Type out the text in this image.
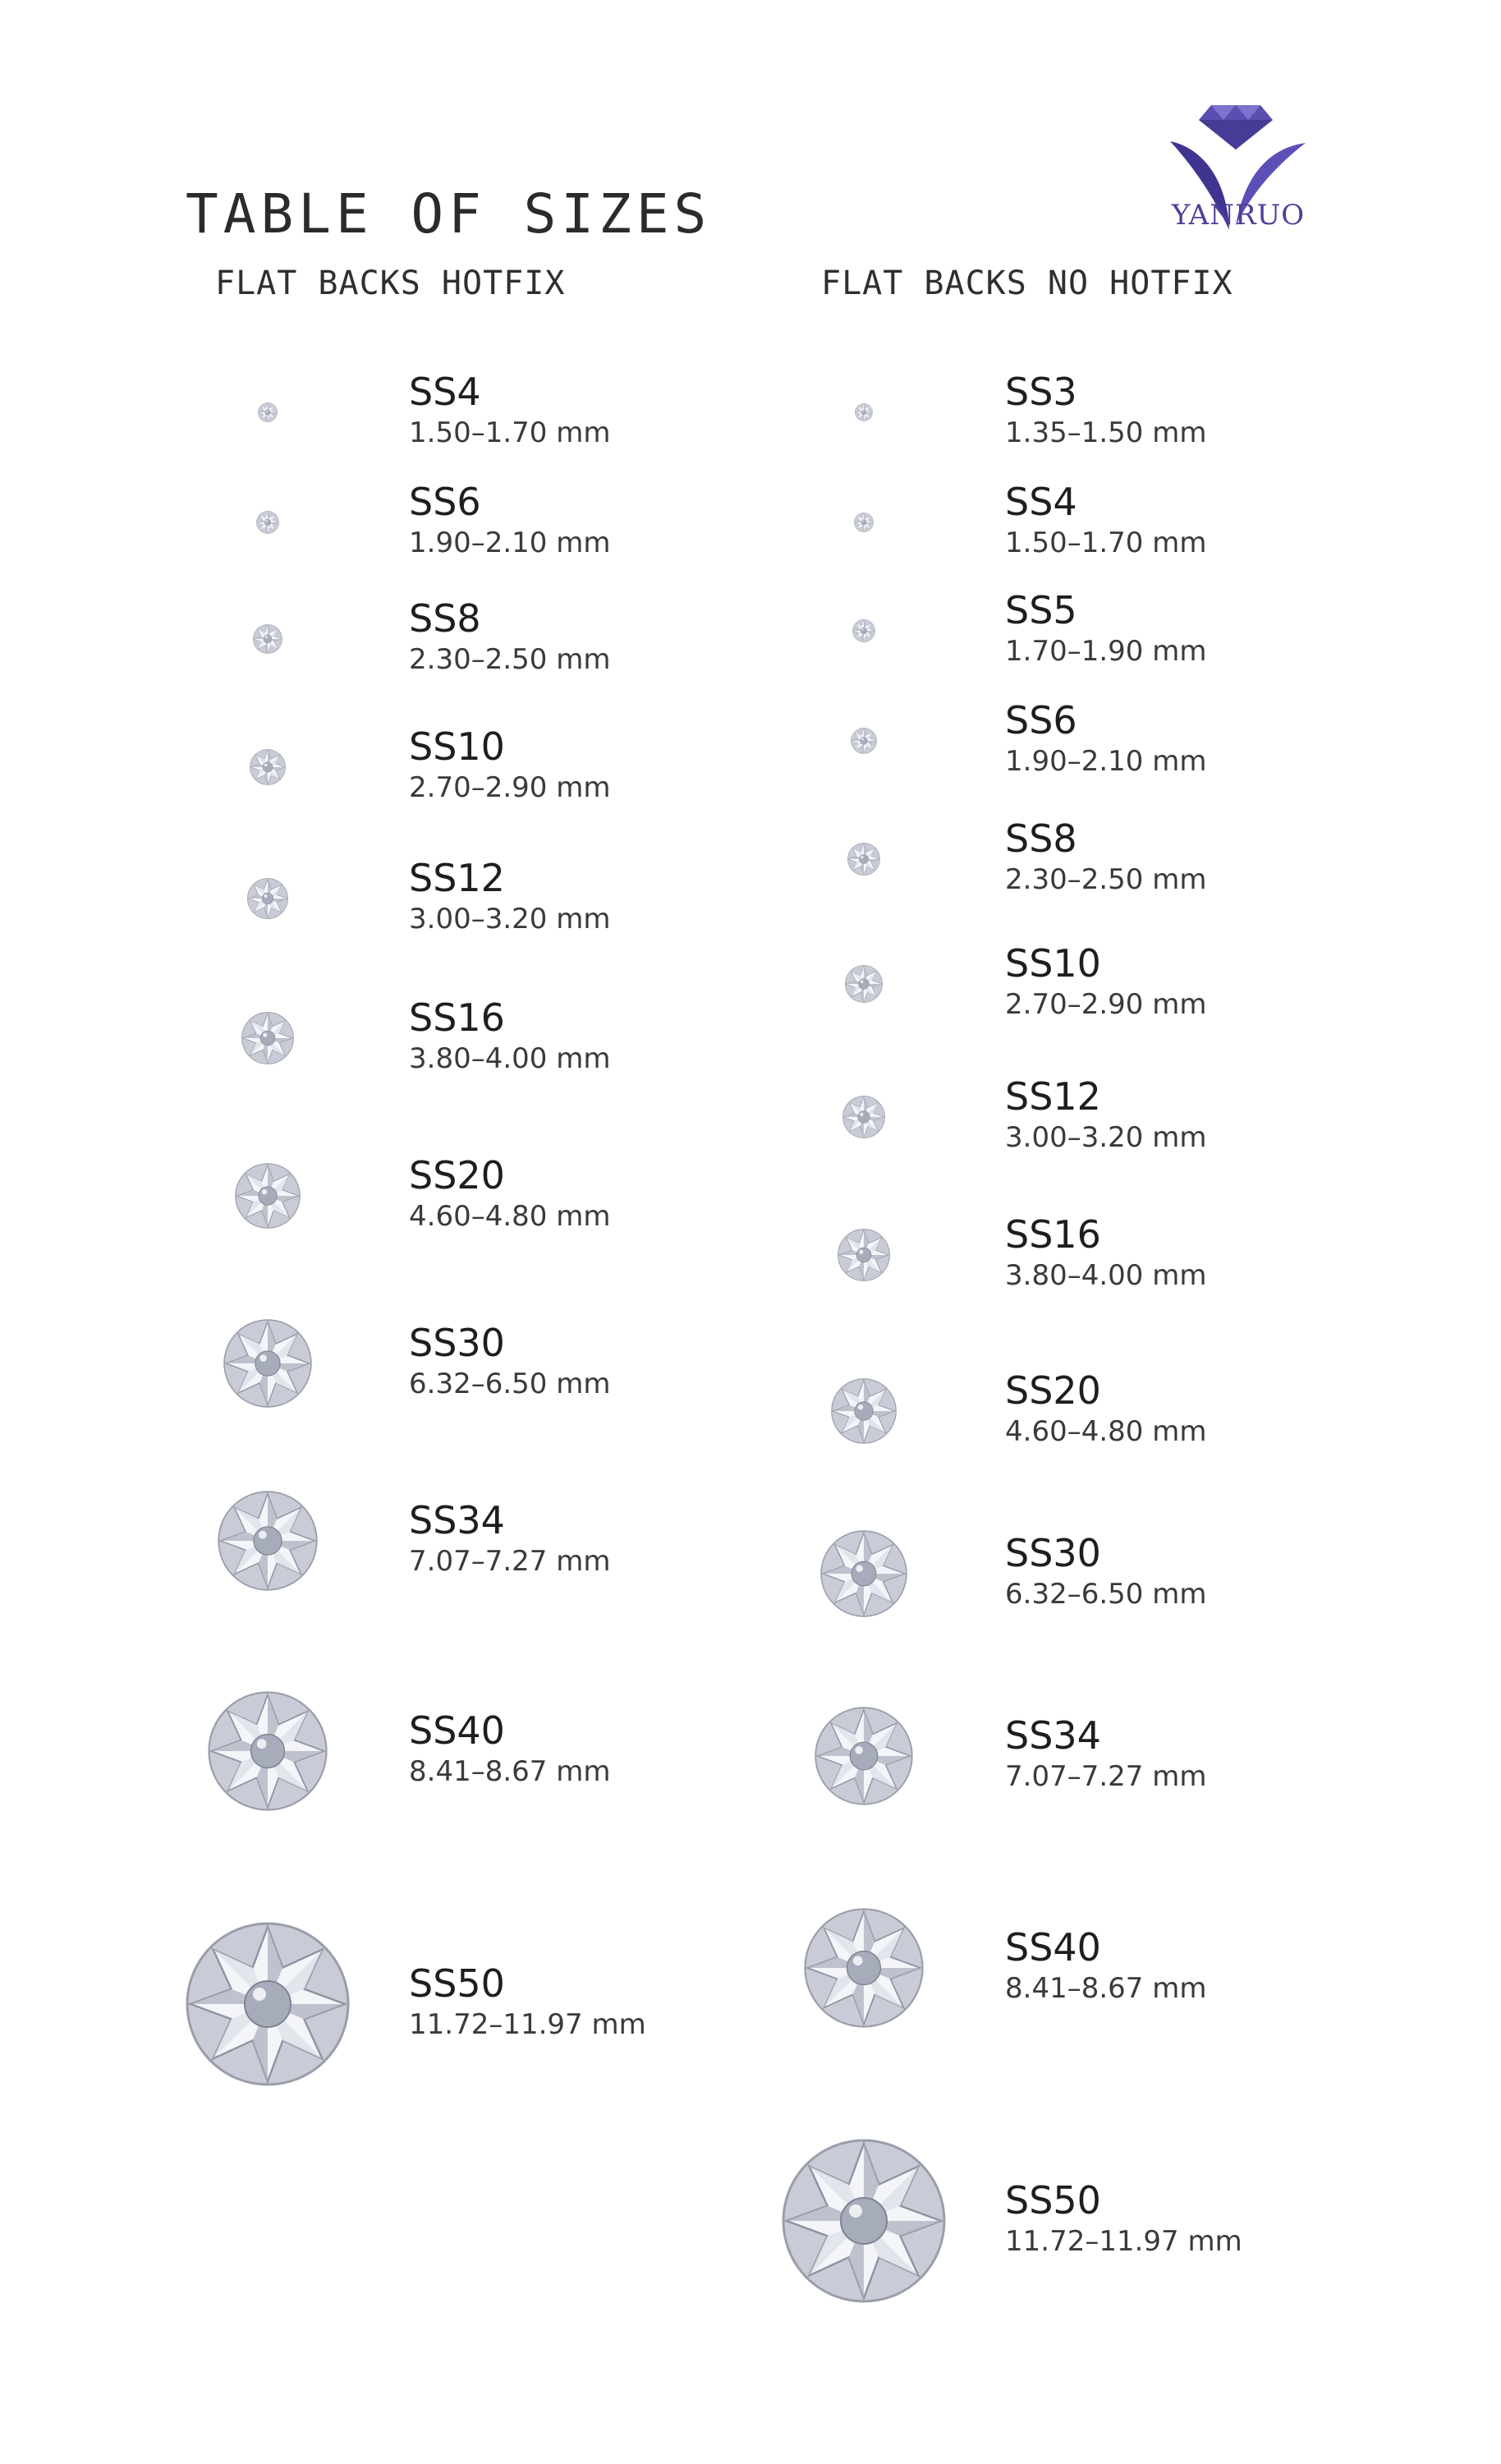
TABLE OF SIZES	YANRUO
FLAT BACKS HOTFIX	FLAT BACKS NO HOTFIX
SS4
1.50–1.70 mm
SS6
1.90–2.10 mm
SS8
2.30–2.50 mm
SS10
2.70–2.90 mm
SS12
3.00–3.20 mm
SS16
3.80–4.00 mm
SS20
4.60–4.80 mm
SS30
6.32–6.50 mm
SS34
7.07–7.27 mm
SS40
8.41–8.67 mm
SS50
11.72–11.97 mm
SS3
1.35–1.50 mm
SS4
1.50–1.70 mm
SS5
1.70–1.90 mm
SS6
1.90–2.10 mm
SS8
2.30–2.50 mm
SS10
2.70–2.90 mm
SS12
3.00–3.20 mm
SS16
3.80–4.00 mm
SS20
4.60–4.80 mm
SS30
6.32–6.50 mm
SS34
7.07–7.27 mm
SS40
8.41–8.67 mm
SS50
11.72–11.97 mm
